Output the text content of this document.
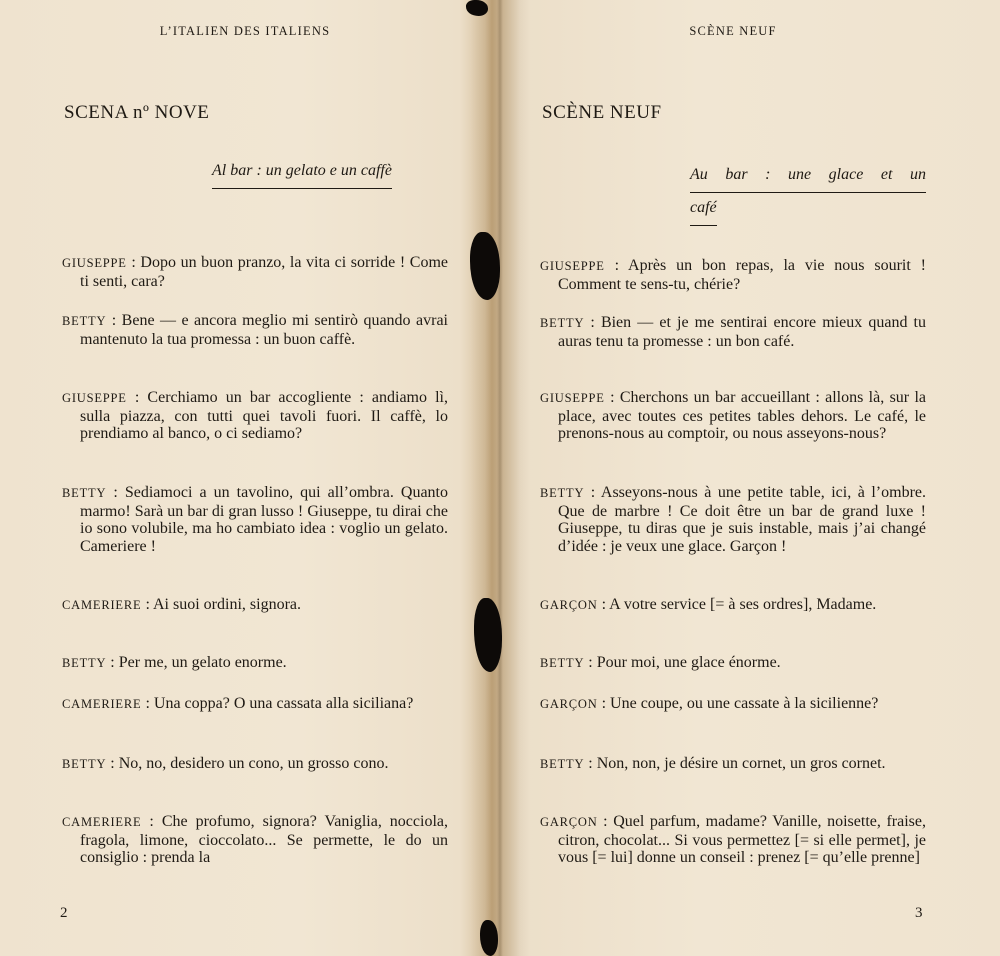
L’ITALIEN DES ITALIENS
SCENA nº NOVE
Al bar : un gelato e un caffè
GIUSEPPE : Dopo un buon pranzo, la vita ci sorride ! Come ti senti, cara?
BETTY : Bene — e ancora meglio mi sentirò quando avrai mantenuto la tua promessa : un buon caffè.
GIUSEPPE : Cerchiamo un bar accogliente : andiamo lì, sulla piazza, con tutti quei tavoli fuori. Il caffè, lo prendiamo al banco, o ci sediamo?
BETTY : Sediamoci a un tavolino, qui all’ombra. Quanto marmo! Sarà un bar di gran lusso ! Giuseppe, tu dirai che io sono volubile, ma ho cambiato idea : voglio un gelato. Cameriere !
CAMERIERE : Ai suoi ordini, signora.
BETTY : Per me, un gelato enorme.
CAMERIERE : Una coppa? O una cassata alla siciliana?
BETTY : No, no, desidero un cono, un grosso cono.
CAMERIERE : Che profumo, signora? Vaniglia, nocciola, fragola, limone, cioccolato... Se permette, le do un consiglio : prenda la
2
SCÈNE NEUF
SCÈNE NEUF
Au bar : une glace et un
café
GIUSEPPE : Après un bon repas, la vie nous sourit ! Comment te sens-tu, chérie?
BETTY : Bien — et je me sentirai encore mieux quand tu auras tenu ta promesse : un bon café.
GIUSEPPE : Cherchons un bar accueillant : allons là, sur la place, avec toutes ces petites tables dehors. Le café, le prenons-nous au comptoir, ou nous asseyons-nous?
BETTY : Asseyons-nous à une petite table, ici, à l’ombre. Que de marbre ! Ce doit être un bar de grand luxe ! Giuseppe, tu diras que je suis instable, mais j’ai changé d’idée : je veux une glace. Garçon !
GARÇON : A votre service [= à ses ordres], Madame.
BETTY : Pour moi, une glace énorme.
GARÇON : Une coupe, ou une cassate à la sicilienne?
BETTY : Non, non, je désire un cornet, un gros cornet.
GARÇON : Quel parfum, madame? Vanille, noisette, fraise, citron, chocolat... Si vous permettez [= si elle permet], je vous [= lui] donne un conseil : prenez [= qu’elle prenne]
3
